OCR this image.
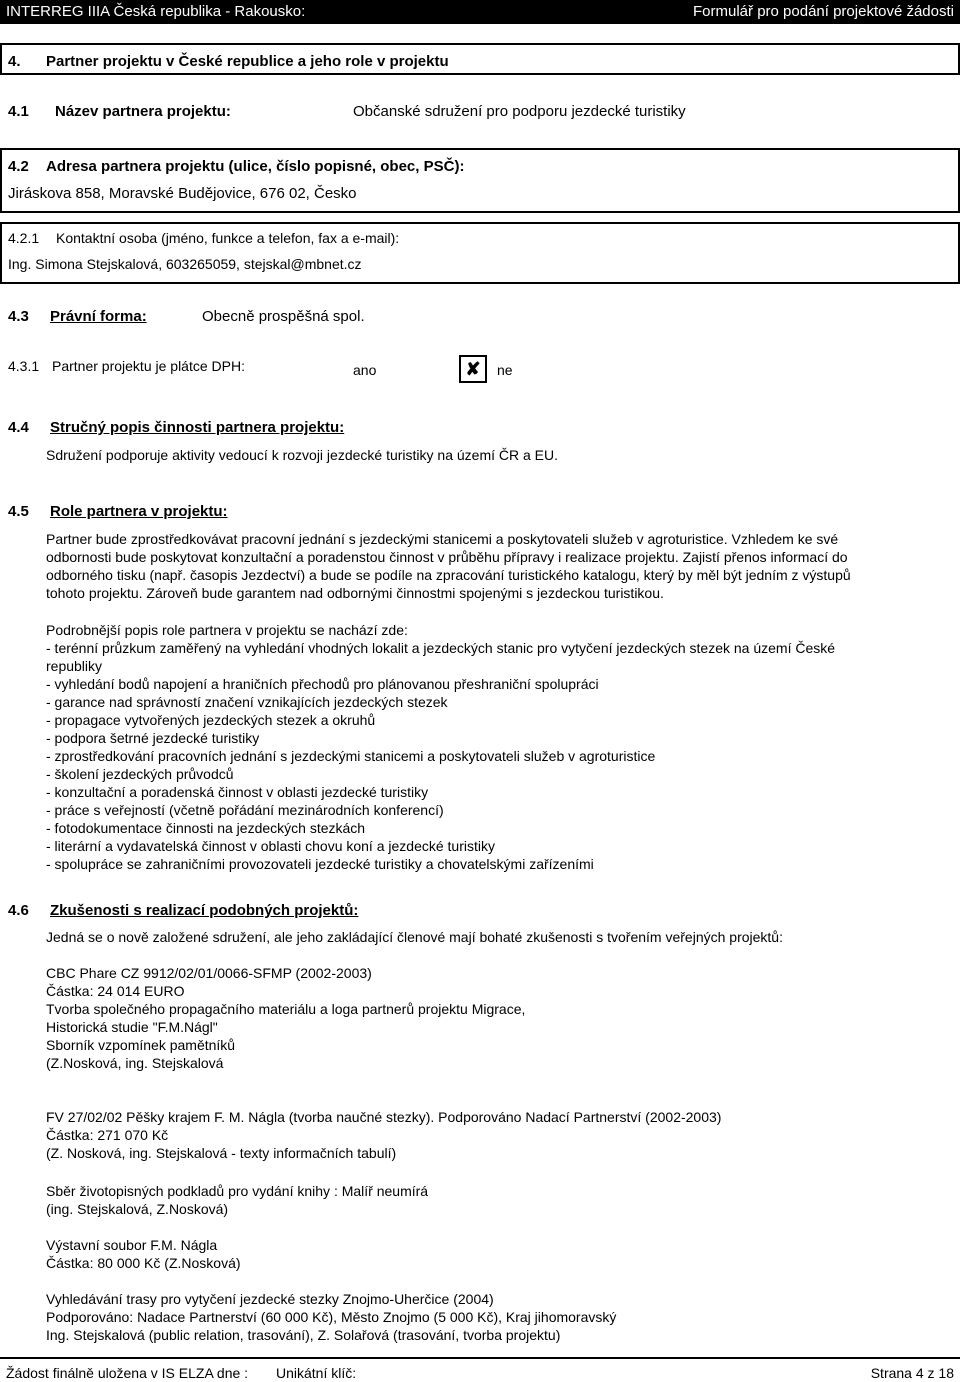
INTERREG IIIA Česká republika - Rakousko:	Formulář pro podání projektové žádosti
4. Partner projektu v České republice a jeho role v projektu
4.1 Název partnera projektu:	Občanské sdružení pro podporu jezdecké turistiky
4.2 Adresa partnera projektu (ulice, číslo popisné, obec, PSČ):
Jiráskova 858, Moravské Budějovice, 676 02, Česko
4.2.1 Kontaktní osoba (jméno, funkce a telefon, fax a e-mail):
Ing. Simona Stejskalová, 603265059, stejskal@mbnet.cz
4.3 Právní forma:	Obecně prospěšná spol.
4.3.1 Partner projektu je plátce DPH:	ano	✘	ne
4.4 Stručný popis činnosti partnera projektu:
Sdružení podporuje aktivity vedoucí k rozvoji jezdecké turistiky na území ČR a EU.
4.5 Role partnera v projektu:
Partner bude zprostředkovávat pracovní jednání s jezdeckými stanicemi a poskytovateli služeb v agroturistice. Vzhledem ke své
odbornosti bude poskytovat konzultační a poradenstou činnost v průběhu přípravy i realizace projektu. Zajistí přenos informací do
odborného tisku (např. časopis Jezdectví) a bude se podíle na zpracování turistického katalogu, který by měl být jedním z výstupů
tohoto projektu. Zároveň bude garantem nad odbornými činnostmi spojenými s jezdeckou turistikou.
Podrobnější popis role partnera v projektu se nachází zde:
- terénní průzkum zaměřený na vyhledání vhodných lokalit a jezdeckých stanic pro vytyčení jezdeckých stezek na území České
republiky
- vyhledání bodů napojení a hraničních přechodů pro plánovanou přeshraniční spolupráci
- garance nad správností značení vznikajících jezdeckých stezek
- propagace vytvořených jezdeckých stezek a okruhů
- podpora šetrné jezdecké turistiky
- zprostředkování pracovních jednání s jezdeckými stanicemi a poskytovateli služeb v agroturistice
- školení jezdeckých průvodců
- konzultační a poradenská činnost v oblasti jezdecké turistiky
- práce s veřejností (včetně pořádání mezinárodních konferencí)
- fotodokumentace činnosti na jezdeckých stezkách
- literární a vydavatelská činnost v oblasti chovu koní a jezdecké turistiky
- spolupráce se zahraničními provozovateli jezdecké turistiky a chovatelskými zařízeními
4.6 Zkušenosti s realizací podobných projektů:
Jedná se o nově založené sdružení, ale jeho zakládající členové mají bohaté zkušenosti s tvořením veřejných projektů:
CBC Phare CZ 9912/02/01/0066-SFMP (2002-2003)
Částka: 24 014 EURO
Tvorba společného propagačního materiálu a loga partnerů projektu Migrace,
Historická studie "F.M.Nágl"
Sborník vzpomínek pamětníků
(Z.Nosková, ing. Stejskalová
FV 27/02/02 Pěšky krajem F. M. Nágla (tvorba naučné stezky). Podporováno Nadací Partnerství (2002-2003)
Částka: 271 070 Kč
(Z. Nosková, ing. Stejskalová - texty informačních tabulí)
Sběr životopisných podkladů pro vydání knihy : Malíř neumírá
(ing. Stejskalová, Z.Nosková)
Výstavní soubor F.M. Nágla
Částka: 80 000 Kč (Z.Nosková)
Vyhledávání trasy pro vytyčení jezdecké stezky Znojmo-Uherčice (2004)
Podporováno: Nadace Partnerství (60 000 Kč), Město Znojmo (5 000 Kč), Kraj jihomoravský
Ing. Stejskalová (public relation, trasování), Z. Solařová (trasování, tvorba projektu)
Žádost finálně uložena v IS ELZA dne : Unikátní klíč:	Strana 4 z 18
